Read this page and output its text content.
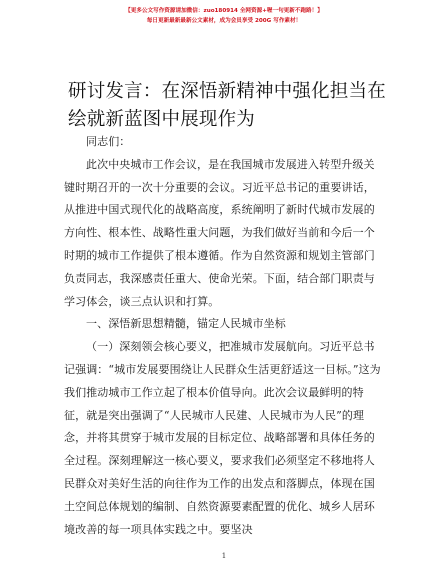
【更多公文写作资源请加微信：zuo180914 全网资源+喔一句更新不跑路！】
每日更新最新最新公文素材，成为会员享受 200G 写作素材！
研讨发言：在深悟新精神中强化担当在绘就新蓝图中展现作为

同志们：

此次中央城市工作会议，是在我国城市发展进入转型升级关键时期召开的一次十分重要的会议。习近平总书记的重要讲话，从推进中国式现代化的战略高度，系统阐明了新时代城市发展的方向性、根本性、战略性重大问题，为我们做好当前和今后一个时期的城市工作提供了根本遵循。作为自然资源和规划主管部门负责同志，我深感责任重大、使命光荣。下面，结合部门职责与学习体会，谈三点认识和打算。

一、深悟新思想精髓，锚定人民城市坐标

（一）深刻领会核心要义，把准城市发展航向。习近平总书记强调：“城市发展要围绕让人民群众生活更舒适这一目标。”这为我们推动城市工作立起了根本价值导向。此次会议最鲜明的特征，就是突出强调了“人民城市人民建、人民城市为人民”的理念，并将其贯穿于城市发展的目标定位、战略部署和具体任务的全过程。深刻理解这一核心要义，要求我们必须坚定不移地将人民群众对美好生活的向往作为工作的出发点和落脚点，体现在国土空间总体规划的编制、自然资源要素配置的优化、城乡人居环境改善的每一项具体实践之中。要坚决

1
